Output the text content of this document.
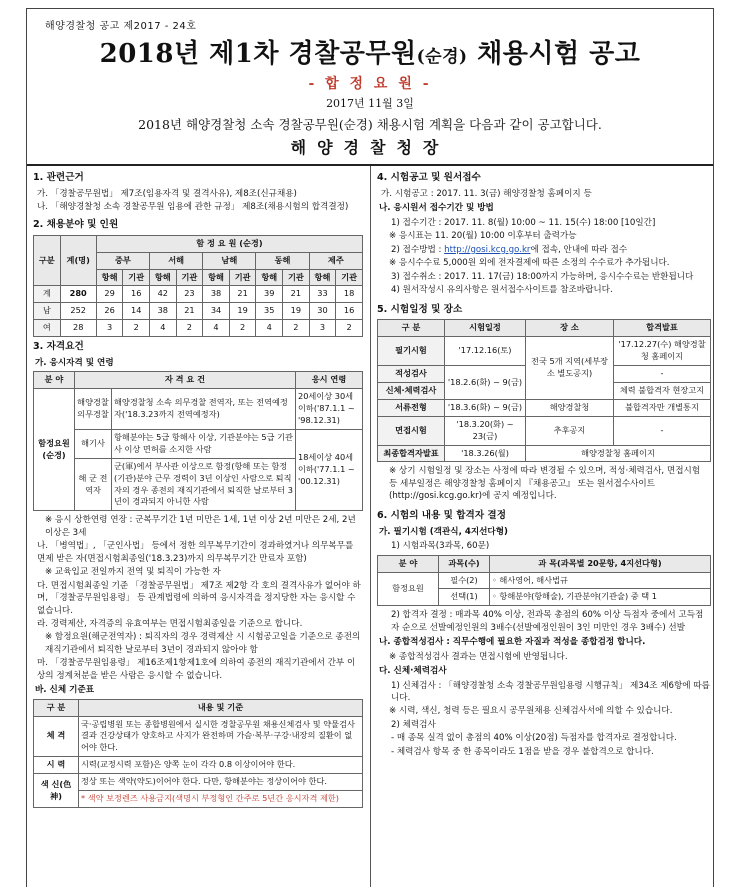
해양경찰청 공고 제2017 - 24호
2018년 제1차 경찰공무원(순경) 채용시험 공고
- 합 정 요 원 -
2017년 11월 3일
2018년 해양경찰청 소속 경찰공무원(순경) 채용시험 계획을 다음과 같이 공고합니다.
해양경찰청장
1. 관련근거
가. 「경찰공무원법」 제7조(임용자격 및 결격사유), 제8조(신규채용)
나. 「해양경찰청 소속 경찰공무원 임용에 관한 규정」 제8조(채용시험의 합격결정)
2. 채용분야 및 인원
구분	계(명)	함 정 요 원 (순경)									
		중부		서해		남해		동해		제주	
		항해	기관	항해	기관	항해	기관	항해	기관	항해	기관
계	280	29	16	42	23	38	21	39	21	33	18
남	252	26	14	38	21	34	19	35	19	30	16
여	28	3	2	4	2	4	2	4	2	3	2
3. 자격요건
가. 응시자격 및 연령
분 야	자 격 요 건		응시 연령
함정요원(순경)	해양경찰 의무경찰	해양경찰청 소속 의무경찰 전역자, 또는 전역예정자('18.3.23까지 전역예정자)	20세이상 30세이하('87.1.1 ~ '98.12.31)
	해기사	항해분야는 5급 항해사 이상, 기관분야는 5급 기관사 이상 면허를 소지한 사람	18세이상 40세이하('77.1.1 ~ '00.12.31)
	해 군 전역자	군(軍)에서 부사관 이상으로 함정(항해 또는 함정(기관)분야 근무 경력이 3년 이상인 사람으로 퇴직자의 경우 종전의 재직기관에서 퇴직한 날로부터 3년이 경과되지 아니한 사람	
※ 응시 상한연령 연장 : 군복무기간 1년 미만은 1세, 1년 이상 2년 미만은 2세, 2년 이상은 3세
나. 「병역법」, 「군인사법」 등에서 정한 의무복무기간이 경과하였거나 의무복무를 면제 받은 자(면접시험최종일('18.3.23)까지 의무복무기간 만료자 포함)
※ 교육입교 전일까지 전역 및 퇴직이 가능한 자
다. 면접시험최종일 기준 「경찰공무원법」 제7조 제2항 각 호의 결격사유가 없어야 하며, 「경찰공무원임용령」 등 관계법령에 의하여 응시자격을 정지당한 자는 응시할 수 없습니다.
라. 경력제산, 자격증의 유효여부는 면접시험최종일을 기준으로 합니다.
※ 함정요원(해군전역자) : 퇴직자의 경우 경력제산 시 시험공고일을 기준으로 종전의 재직기관에서 퇴직한 날로부터 3년이 경과되지 않아야 함
마. 「경찰공무원임용령」 제16조제1항제1호에 의하여 종전의 재직기관에서 간부 이상의 정계처분을 받은 사람은 응시할 수 없습니다.
바. 신체 기준표
구 분	내용 및 기준
체 격	국·공립병원 또는 종합병원에서 실시한 경찰공무원 채용신체검사 및 약물검사 결과 건강상태가 양호하고 사지가 완전하며 가슴·복부·구강·내장의 질환이 없어야 한다.
시 력	시력(교정시력 포함)은 양쪽 눈이 각각 0.8 이상이어야 한다.
색 신(色神)	정상 또는 색약(약도)이어야 한다. 다만, 항해분야는 정상이어야 한다.
	* 색약 보정렌즈 사용금지(색명시 부정형인 간주로 5년간 응시자격 제한)
4. 시험공고 및 원서접수
가. 시험공고 : 2017. 11. 3(금) 해양경찰청 홈페이지 등
나. 응시원서 접수기간 및 방법
1) 접수기간 : 2017. 11. 8(월) 10:00 ~ 11. 15(수) 18:00 [10일간]
※ 응시표는 11. 20(월) 10:00 이후부터 출력가능
2) 접수방법 : http://gosi.kcg.go.kr에 접속, 안내에 따라 접수
※ 응시수수료 5,000원 외에 전자결제에 따른 소정의 수수료가 추가됩니다.
3) 접수취소 : 2017. 11. 17(금) 18:00까지 가능하며, 응시수수료는 반환됩니다
4) 원서작성시 유의사항은 원서접수사이트를 참조바랍니다.
5. 시험일정 및 장소
구 분	시험일정	장 소	합격발표
필기시험	'17.12.16(토)	전국 5개 지역(세부장소 별도공지)	'17.12.27(수) 해양경찰청 홈페이지
적성검사	'18.2.6(화) ~ 9(금)		-
신체·체력검사			체력 불합격자 현장고지
서류전형	'18.3.6(화) ~ 9(금)	해양경찰청	불합격자만 개별통지
면접시험	'18.3.20(화) ~ 23(금)	추후공지	-
최종합격자발표	'18.3.26(월)	해양경찰청 홈페이지	
※ 상기 시험일정 및 장소는 사정에 따라 변경될 수 있으며, 적성·체력검사, 면접시험 등 세부일정은 해양경찰청 홈페이지 『채용공고』 또는 원서접수사이트(http://gosi.kcg.go.kr)에 공지 예정입니다.
6. 시험의 내용 및 합격자 결정
가. 필기시험 (객관식, 4지선다형)
1) 시험과목(3과목, 60문)
분 야	과목(수)	과 목(과목별 20문항, 4지선다형)
함정요원	필수(2)	◦ 해사영어, 해사법규
	선택(1)	◦ 항해분야(항해술), 기관분야(기관술) 중 택 1
2) 합격자 결정 : 매과목 40% 이상, 전과목 총점의 60% 이상 득점자 중에서 고득점자 순으로 선발예정인원의 3배수(선발예정인원이 3인 미만인 경우 3배수) 선발
나. 종합적성검사 : 직무수행에 필요한 자질과 적성을 종합검정 합니다.
※ 종합적성검사 결과는 면접시험에 반영됩니다.
다. 신체·체력검사
1) 신체검사 : 「해양경찰청 소속 경찰공무원임용령 시행규칙」 제34조 제6항에 따릅니다.
※ 시력, 색신, 청력 등은 필요시 공무원채용 신체검사서에 의할 수 있습니다.
2) 체력검사
- 매 종목 실격 없이 총점의 40% 이상(20점) 득점자를 합격자로 결정합니다.
- 체력검사 항목 중 한 종목이라도 1점을 받을 경우 불합격으로 합니다.
